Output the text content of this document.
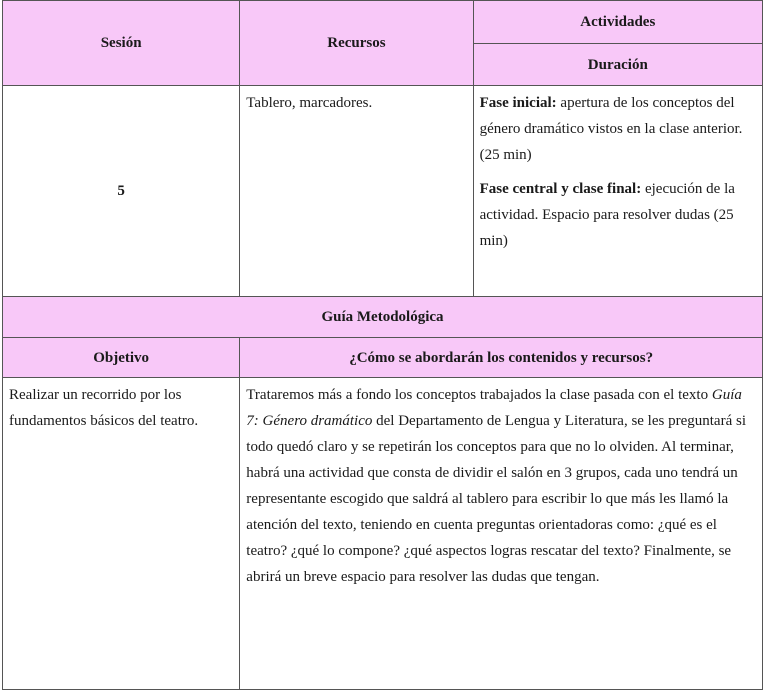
Sesión	Recursos	Actividades
		Duración
5	Tablero, marcadores.	Fase inicial: apertura de los conceptos del género dramático vistos en la clase anterior. (25 min)

Fase central y clase final: ejecución de la actividad. Espacio para resolver dudas (25 min)

Guía Metodológica		
Objetivo	¿Cómo se abordarán los contenidos y recursos?	
Realizar un recorrido por los fundamentos básicos del teatro.	Trataremos más a fondo los conceptos trabajados la clase pasada con el texto Guía 7: Género dramático del Departamento de Lengua y Literatura, se les preguntará si todo quedó claro y se repetirán los conceptos para que no lo olviden. Al terminar, habrá una actividad que consta de dividir el salón en 3 grupos, cada uno tendrá un representante escogido que saldrá al tablero para escribir lo que más les llamó la atención del texto, teniendo en cuenta preguntas orientadoras como: ¿qué es el teatro? ¿qué lo compone? ¿qué aspectos logras rescatar del texto? Finalmente, se abrirá un breve espacio para resolver las dudas que tengan.	
